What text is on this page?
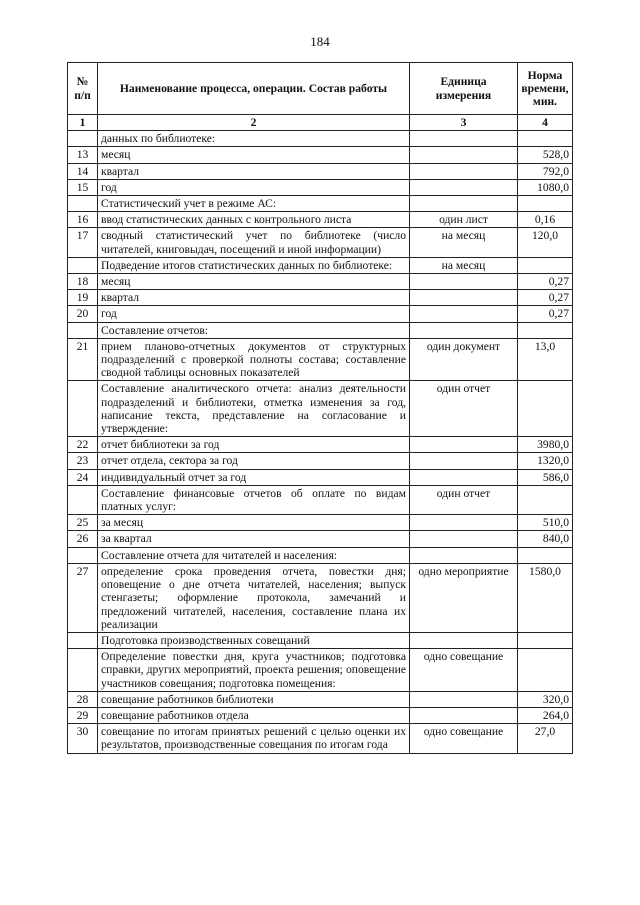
184
№ п/п	Наименование процесса, операции. Состав работы	Единица измерения	Норма времени, мин.
1	2	3	4
	данных по библиотеке:		
13	месяц		528,0
14	квартал		792,0
15	год		1080,0
	Статистический учет в режиме АС:		
16	ввод статистических данных с контрольного листа	один лист	0,16
17	сводный статистический учет по библиотеке (число читателей, книговыдач, посещений и иной информации)	на месяц	120,0
	Подведение итогов статистических данных по библиотеке:	на месяц	
18	месяц		0,27
19	квартал		0,27
20	год		0,27
	Составление отчетов:		
21	прием планово-отчетных документов от структурных подразделений с проверкой полноты состава; составление сводной таблицы основных показателей	один документ	13,0
	Составление аналитического отчета: анализ деятельности подразделений и библиотеки, отметка изменения за год, написание текста, представление на согласование и утверждение:	один отчет	
22	отчет библиотеки за год		3980,0
23	отчет отдела, сектора за год		1320,0
24	индивидуальный отчет за год		586,0
	Составление финансовые отчетов об оплате по видам платных услуг:	один отчет	
25	за месяц		510,0
26	за квартал		840,0
	Составление отчета для читателей и населения:		
27	определение срока проведения отчета, повестки дня; оповещение о дне отчета читателей, населения; выпуск стенгазеты; оформление протокола, замечаний и предложений читателей, населения, составление плана их реализации	одно мероприятие	1580,0
	Подготовка производственных совещаний		
	Определение повестки дня, круга участников; подготовка справки, других мероприятий, проекта решения; оповещение участников совещания; подготовка помещения:	одно совещание	
28	совещание работников библиотеки		320,0
29	совещание работников отдела		264,0
30	совещание по итогам принятых решений с целью оценки их результатов, производственные совещания по итогам года	одно совещание	27,0
